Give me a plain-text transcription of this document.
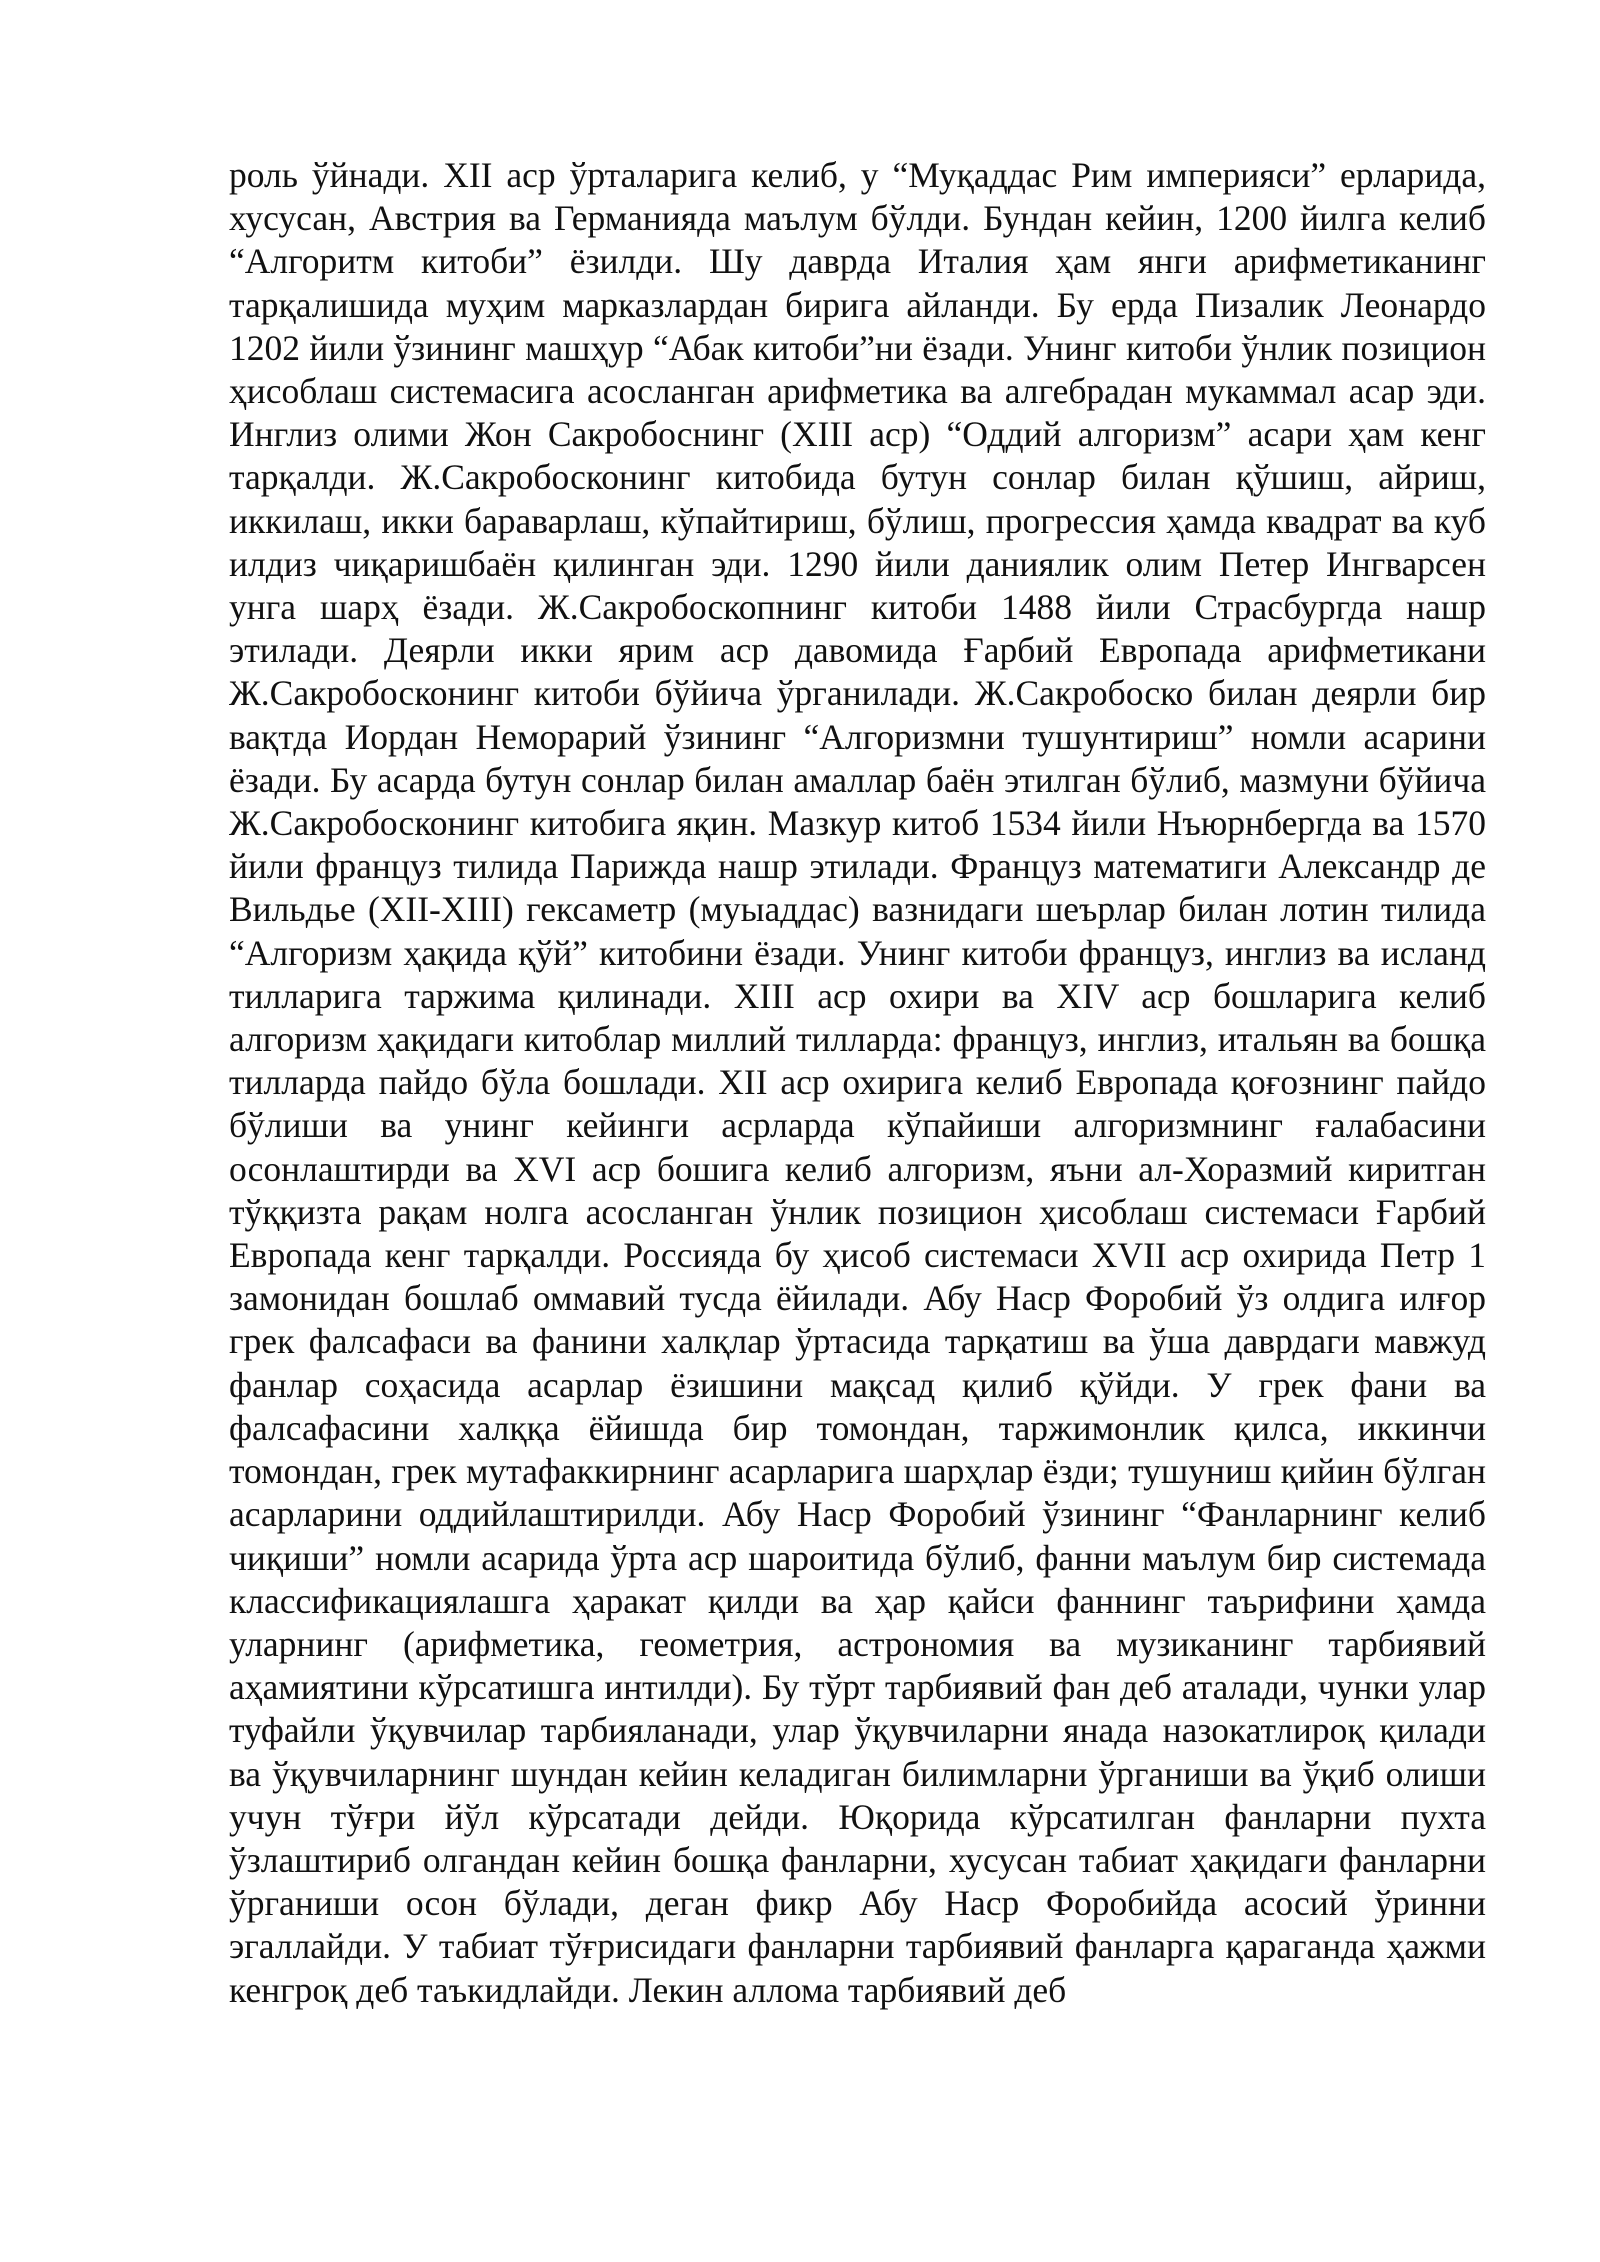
роль ўйнади. XII аср ўрталарига келиб, у “Муқаддас Рим империяси” ерларида, хусусан, Австрия ва Германияда маълум бўлди. Бундан кейин, 1200 йилга келиб “Алгоритм китоби” ёзилди. Шу даврда Италия ҳам янги арифметиканинг тарқалишида муҳим марказлардан бирига айланди. Бу ерда Пизалик Леонардо 1202 йили ўзининг машҳур “Абак китоби”ни ёзади. Унинг китоби ўнлик позицион ҳисоблаш системасига асосланган арифметика ва алгебрадан мукаммал асар эди. Инглиз олими Жон Сакробоснинг (XIII аср) “Оддий алгоризм” асари ҳам кенг тарқалди. Ж.Сакробосконинг китобида бутун сонлар билан қўшиш, айриш, иккилаш, икки бараварлаш, кўпайтириш, бўлиш, прогрессия ҳамда квадрат ва куб илдиз чиқаришбаён қилинган эди. 1290 йили даниялик олим Петер Ингварсен унга шарҳ ёзади. Ж.Сакробоскопнинг китоби 1488 йили Страсбургда нашр этилади. Деярли икки ярим аср давомида Ғарбий Европада арифметикани Ж.Сакробосконинг китоби бўйича ўрганилади. Ж.Сакробоско билан деярли бир вақтда Иордан Неморарий ўзининг “Алгоризмни тушунтириш” номли асарини ёзади. Бу асарда бутун сонлар билан амаллар баён этилган бўлиб, мазмуни бўйича Ж.Сакробосконинг китобига яқин. Мазкур китоб 1534 йили Нъюрнбергда ва 1570 йили француз тилида Парижда нашр этилади. Француз математиги Александр де Вильдье (XII-XIII) гексаметр (муыаддас) вазнидаги шеърлар билан лотин тилида “Алгоризм ҳақида қўй” китобини ёзади. Унинг китоби француз, инглиз ва исланд тилларига таржима қилинади. XIII аср охири ва XIV аср бошларига келиб алгоризм ҳақидаги китоблар миллий тилларда: француз, инглиз, итальян ва бошқа тилларда пайдо бўла бошлади. XII аср охирига келиб Европада қоғознинг пайдо бўлиши ва унинг кейинги асрларда кўпайиши алгоризмнинг ғалабасини осонлаштирди ва XVI аср бошига келиб алгоризм, яъни ал-Хоразмий киритган тўққизта рақам нолга асосланган ўнлик позицион ҳисоблаш системаси Ғарбий Европада кенг тарқалди. Россияда бу ҳисоб системаси XVII аср охирида Петр 1 замонидан бошлаб оммавий тусда ёйилади. Абу Наср Форобий ўз олдига илғор грек фалсафаси ва фанини халқлар ўртасида тарқатиш ва ўша даврдаги мавжуд фанлар соҳасида асарлар ёзишини мақсад қилиб қўйди. У грек фани ва фалсафасини халққа ёйишда бир томондан, таржимонлик қилса, иккинчи томондан, грек мутафаккирнинг асарларига шарҳлар ёзди; тушуниш қийин бўлган асарларини оддийлаштирилди. Абу Наср Форобий ўзининг “Фанларнинг келиб чиқиши” номли асарида ўрта аср шароитида бўлиб, фанни маълум бир системада классификациялашга ҳаракат қилди ва ҳар қайси фаннинг таърифини ҳамда уларнинг (арифметика, геометрия, астрономия ва музиканинг тарбиявий аҳамиятини кўрсатишга интилди). Бу тўрт тарбиявий фан деб аталади, чунки улар туфайли ўқувчилар тарбияланади, улар ўқувчиларни янада назокатлироқ қилади ва ўқувчиларнинг шундан кейин келадиган билимларни ўрганиши ва ўқиб олиши учун тўғри йўл кўрсатади дейди. Юқорида кўрсатилган фанларни пухта ўзлаштириб олгандан кейин бошқа фанларни, хусусан табиат ҳақидаги фанларни ўрганиши осон бўлади, деган фикр Абу Наср Форобийда асосий ўринни эгаллайди. У табиат тўғрисидаги фанларни тарбиявий фанларга қараганда ҳажми кенгроқ деб таъкидлайди. Лекин аллома тарбиявий деб
